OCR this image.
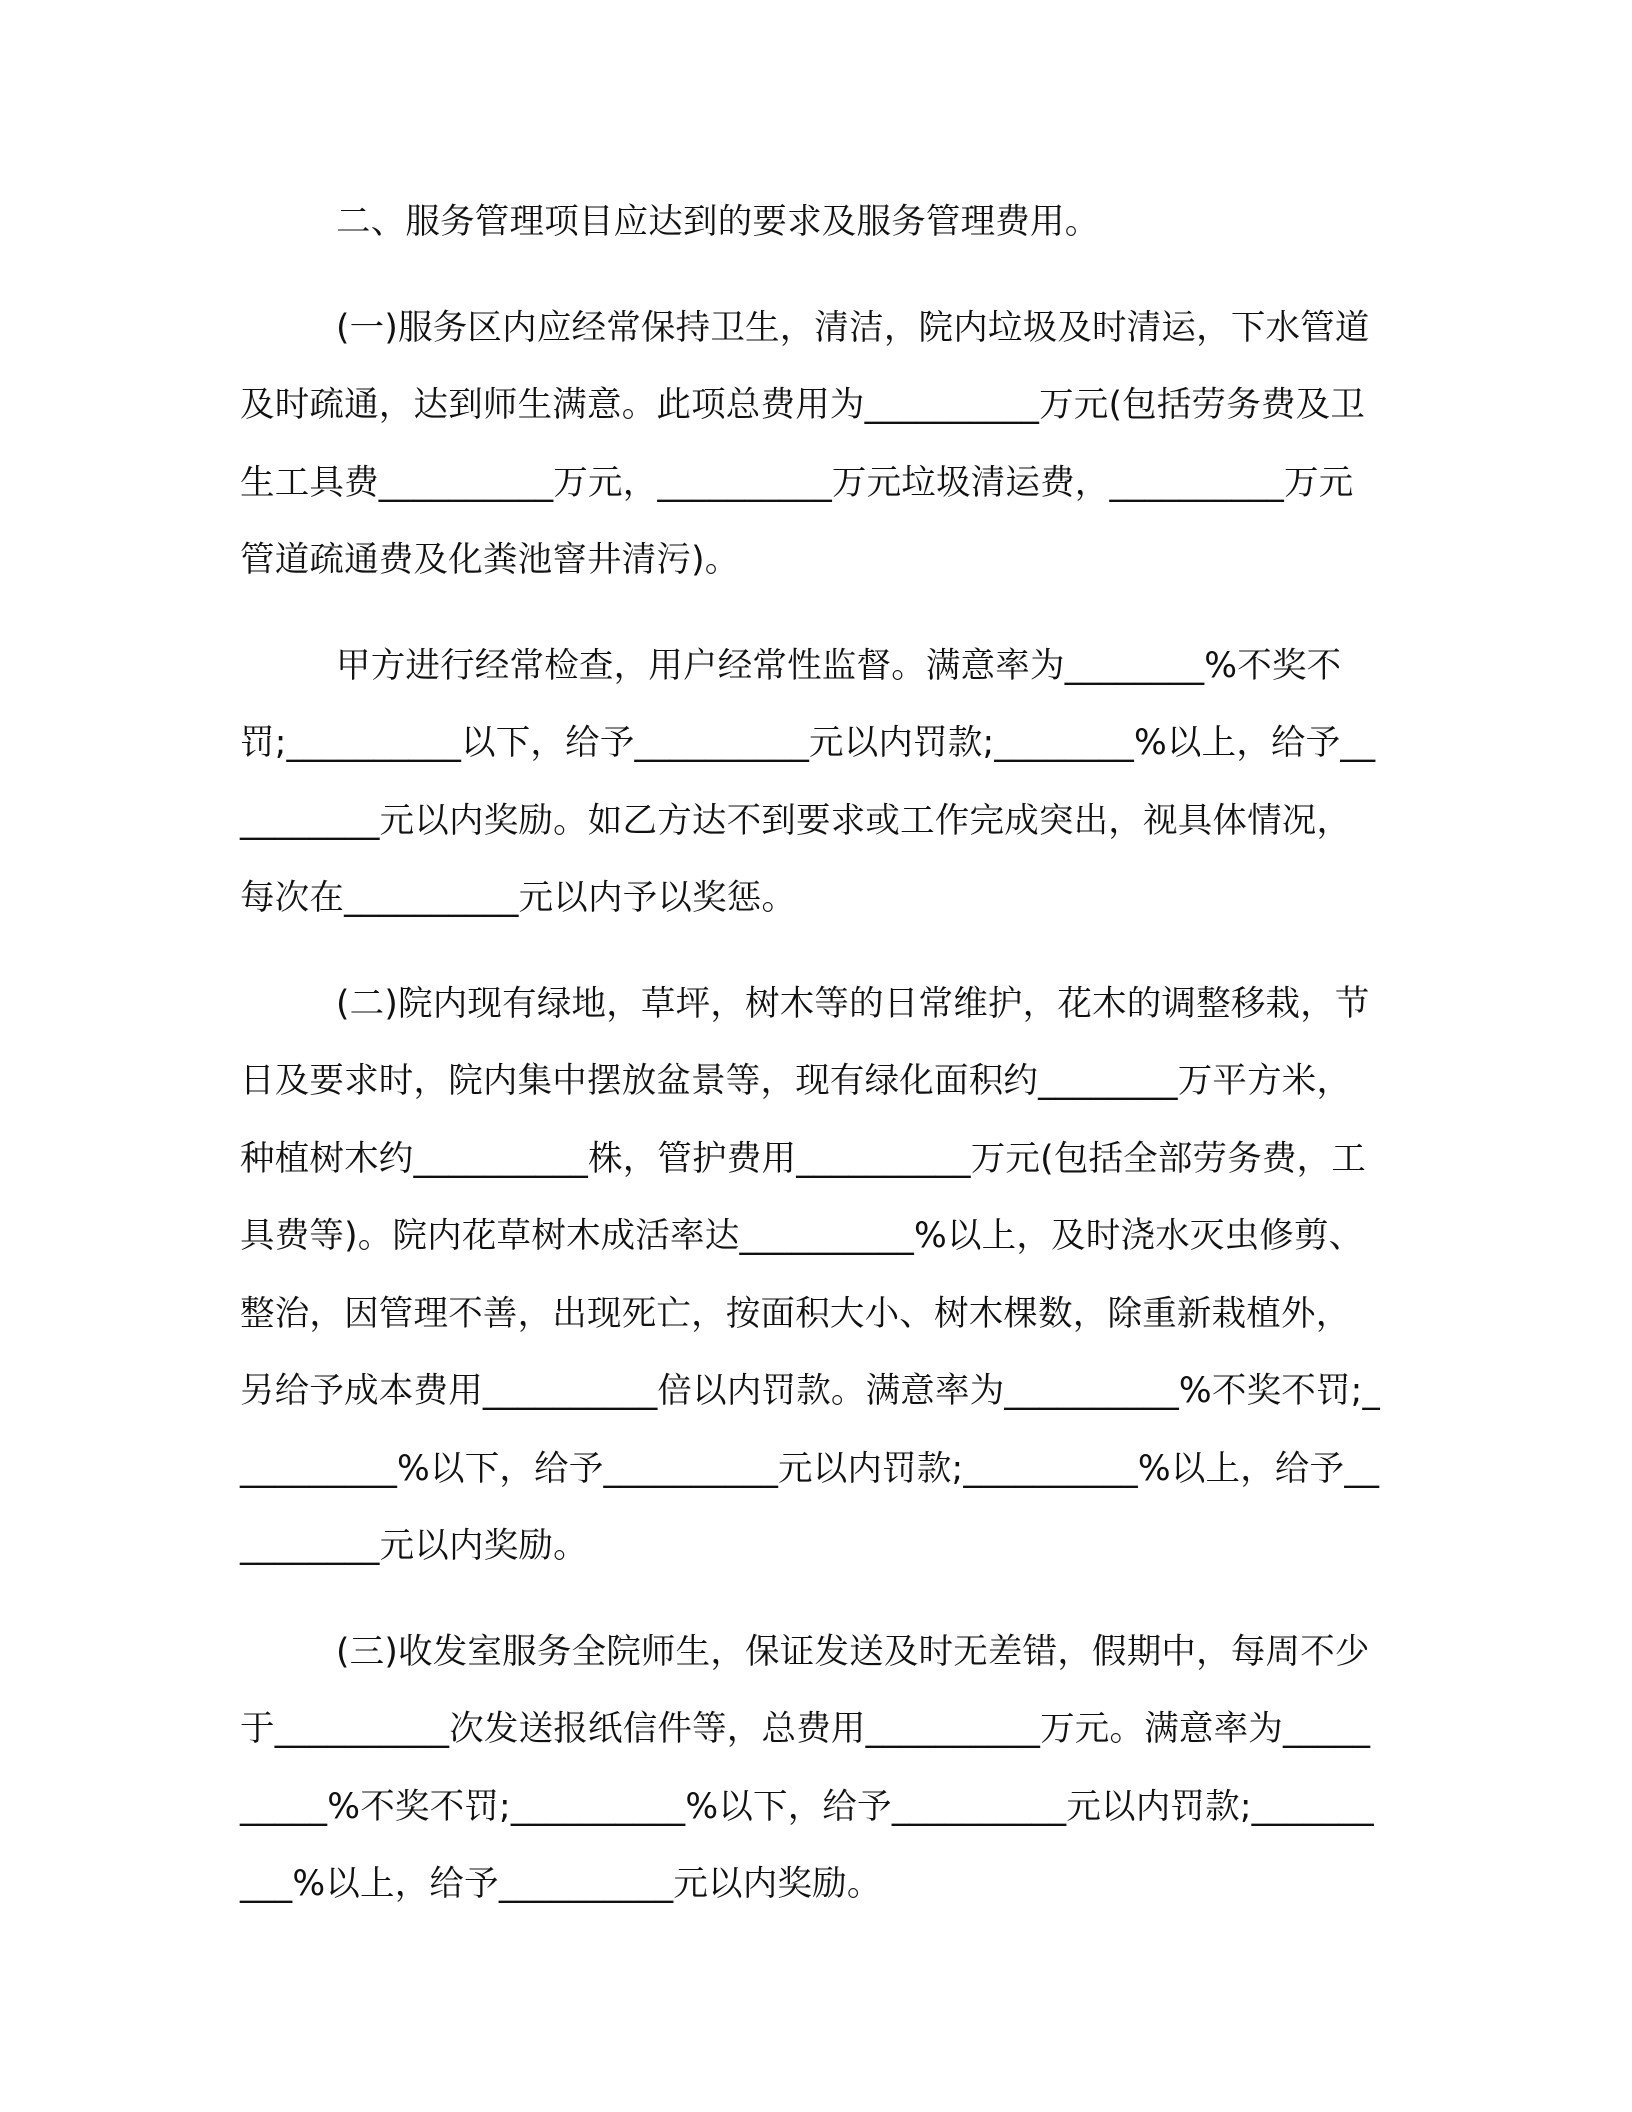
二、服务管理项目应达到的要求及服务管理费用。

(一)服务区内应经常保持卫生，清洁，院内垃圾及时清运，下水管道及时疏通，达到师生满意。此项总费用为__________万元(包括劳务费及卫生工具费__________万元，__________万元垃圾清运费，__________万元管道疏通费及化粪池窨井清污)。

甲方进行经常检查，用户经常性监督。满意率为________%不奖不罚;__________以下，给予__________元以内罚款;________%以上，给予__________元以内奖励。如乙方达不到要求或工作完成突出，视具体情况，每次在__________元以内予以奖惩。

(二)院内现有绿地，草坪，树木等的日常维护，花木的调整移栽，节日及要求时，院内集中摆放盆景等，现有绿化面积约________万平方米，种植树木约__________株，管护费用__________万元(包括全部劳务费，工具费等)。院内花草树木成活率达__________%以上，及时浇水灭虫修剪、整治，因管理不善，出现死亡，按面积大小、树木棵数，除重新栽植外，另给予成本费用__________倍以内罚款。满意率为__________%不奖不罚;__________%以下，给予__________元以内罚款;__________%以上，给予__________元以内奖励。

(三)收发室服务全院师生，保证发送及时无差错，假期中，每周不少于__________次发送报纸信件等，总费用__________万元。满意率为__________%不奖不罚;__________%以下，给予__________元以内罚款;__________%以上，给予__________元以内奖励。
